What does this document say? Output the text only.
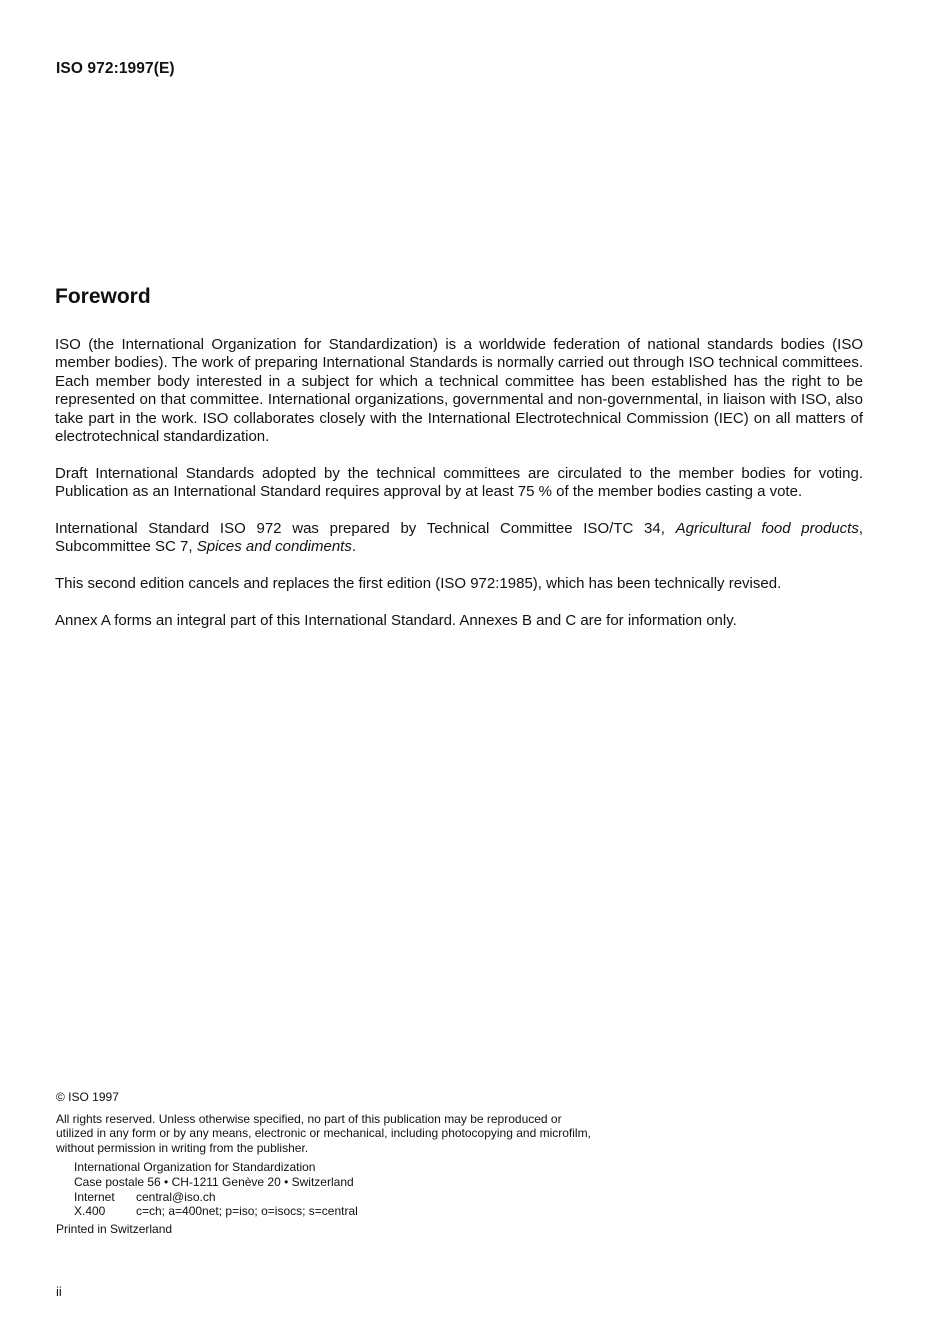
ISO 972:1997(E)
Foreword

ISO (the International Organization for Standardization) is a worldwide federation of national standards bodies (ISO member bodies). The work of preparing International Standards is normally carried out through ISO technical committees. Each member body interested in a subject for which a technical committee has been established has the right to be represented on that committee. International organizations, governmental and non-governmental, in liaison with ISO, also take part in the work. ISO collaborates closely with the International Electrotechnical Commission (IEC) on all matters of electrotechnical standardization.

Draft International Standards adopted by the technical committees are circulated to the member bodies for voting. Publication as an International Standard requires approval by at least 75 % of the member bodies casting a vote.

International Standard ISO 972 was prepared by Technical Committee ISO/TC 34, Agricultural food products, Subcommittee SC 7, Spices and condiments.

This second edition cancels and replaces the first edition (ISO 972:1985), which has been technically revised.

Annex A forms an integral part of this International Standard. Annexes B and C are for information only.

© ISO 1997
All rights reserved. Unless otherwise specified, no part of this publication may be reproduced or utilized in any form or by any means, electronic or mechanical, including photocopying and microfilm, without permission in writing from the publisher.
International Organization for Standardization
Case postale 56 • CH-1211 Genève 20 • Switzerland
Internet central@iso.ch
X.400	c=ch; a=400net; p=iso; o=isocs; s=central
Printed in Switzerland
ii
